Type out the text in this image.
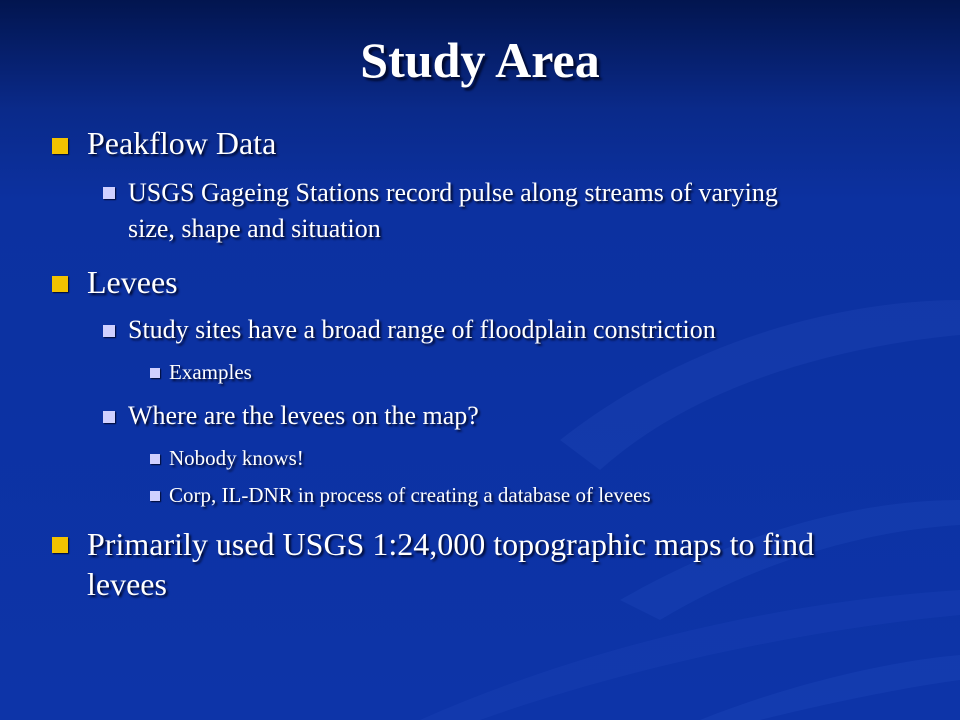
Study Area
Peakflow Data
USGS Gageing Stations record pulse along streams of varying
size, shape and situation
Levees
Study sites have a broad range of floodplain constriction
Examples
Where are the levees on the map?
Nobody knows!
Corp, IL-DNR in process of creating a database of levees
Primarily used USGS 1:24,000 topographic maps to find
levees
